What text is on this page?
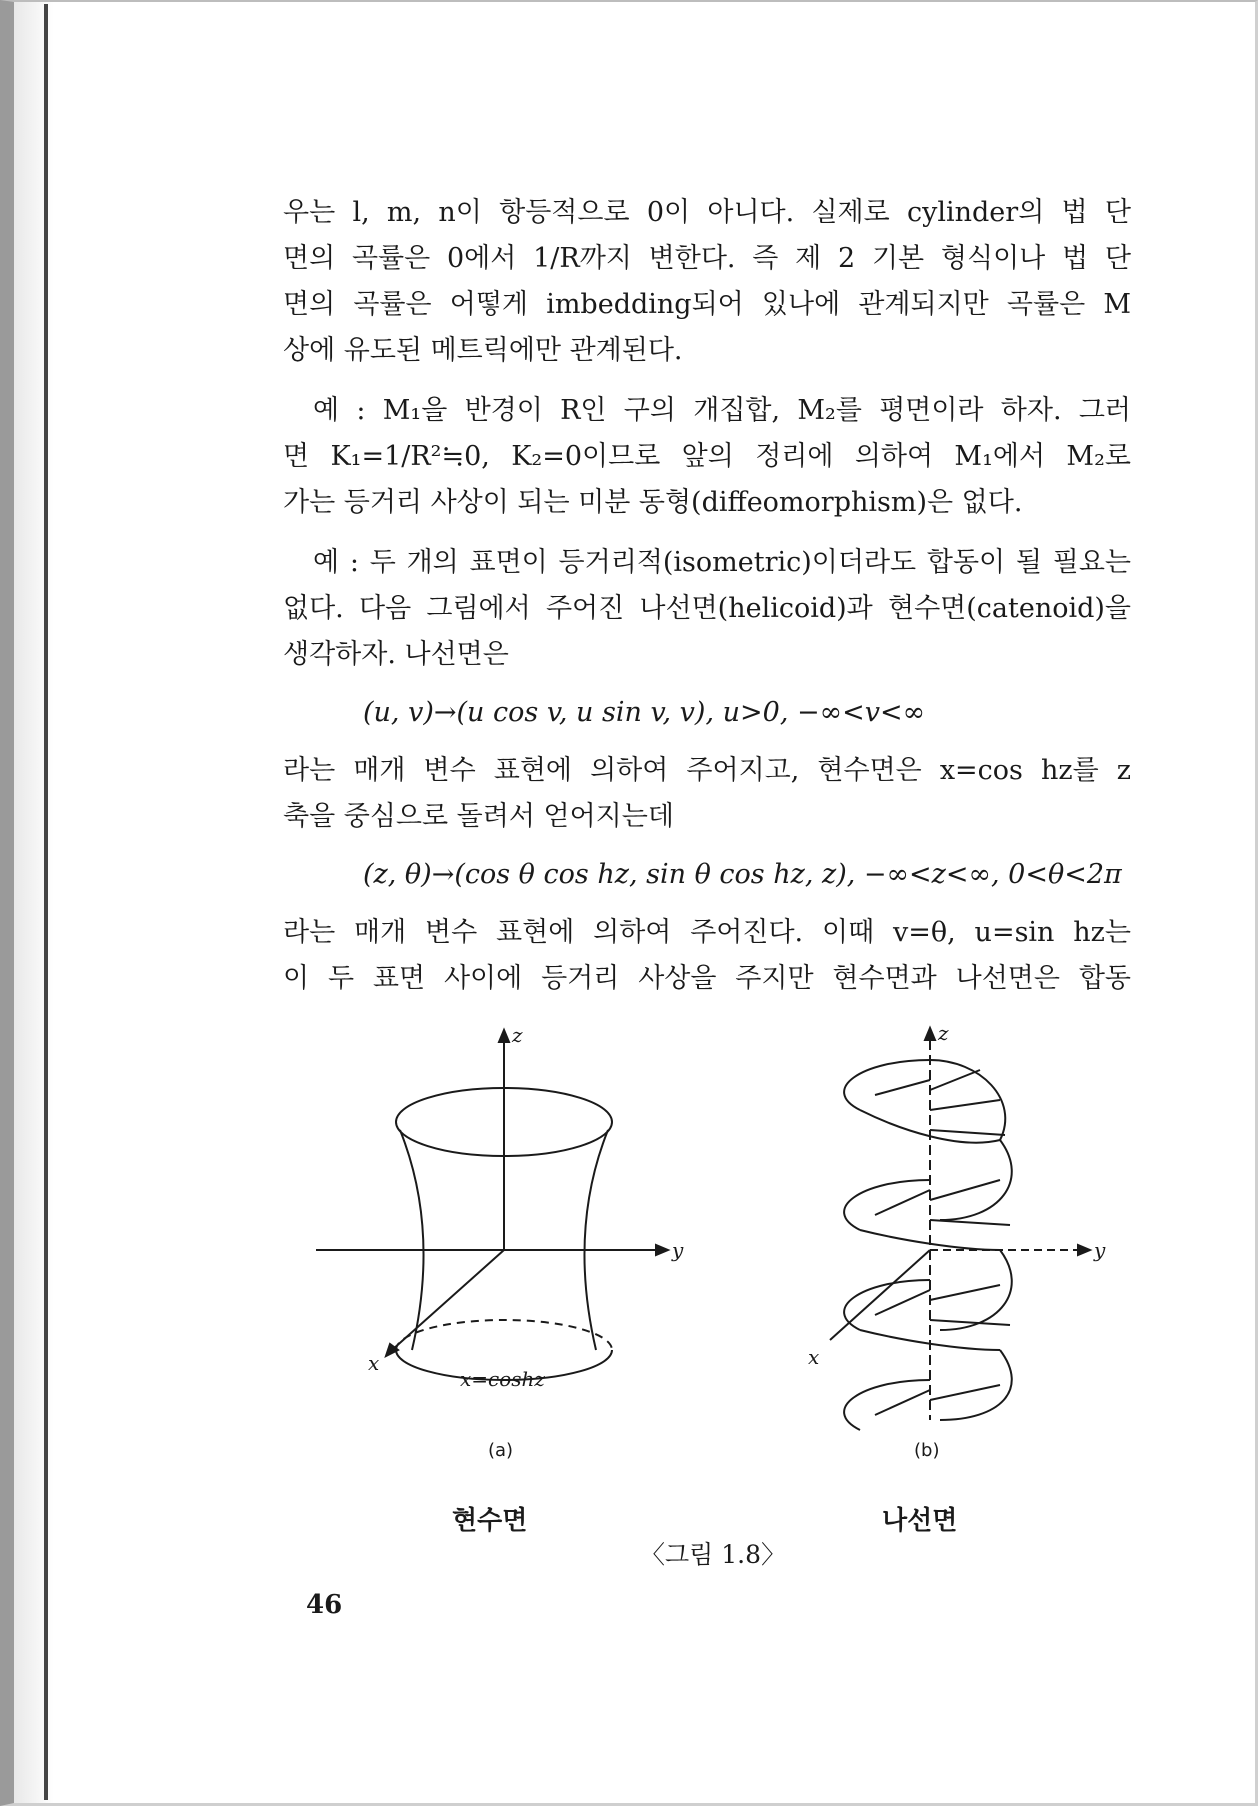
우는 l, m, n이 항등적으로 0이 아니다. 실제로 cylinder의 법 단

면의 곡률은 0에서 1/R까지 변한다. 즉 제 2 기본 형식이나 법 단

면의 곡률은 어떻게 imbedding되어 있나에 관계되지만 곡률은 M

상에 유도된 메트릭에만 관계된다.

예 : M₁을 반경이 R인 구의 개집합, M₂를 평면이라 하자. 그러

면 K₁=1/R²≒0, K₂=0이므로 앞의 정리에 의하여 M₁에서 M₂로

가는 등거리 사상이 되는 미분 동형(diffeomorphism)은 없다.

예 : 두 개의 표면이 등거리적(isometric)이더라도 합동이 될 필요는

없다. 다음 그림에서 주어진 나선면(helicoid)과 현수면(catenoid)을

생각하자. 나선면은

(u, v)→(u cos v, u sin v, v), u>0, −∞<v<∞

라는 매개 변수 표현에 의하여 주어지고, 현수면은 x=cos hz를 z

축을 중심으로 돌려서 얻어지는데

(z, θ)→(cos θ cos hz, sin θ cos hz, z), −∞<z<∞, 0<θ<2π

라는 매개 변수 표현에 의하여 주어진다. 이때 v=θ, u=sin hz는

이 두 표면 사이에 등거리 사상을 주지만 현수면과 나선면은 합동

z
y
x
x=coshz
z
y
x
(a)	(b)
현수면	나선면
〈그림 1.8〉
46
